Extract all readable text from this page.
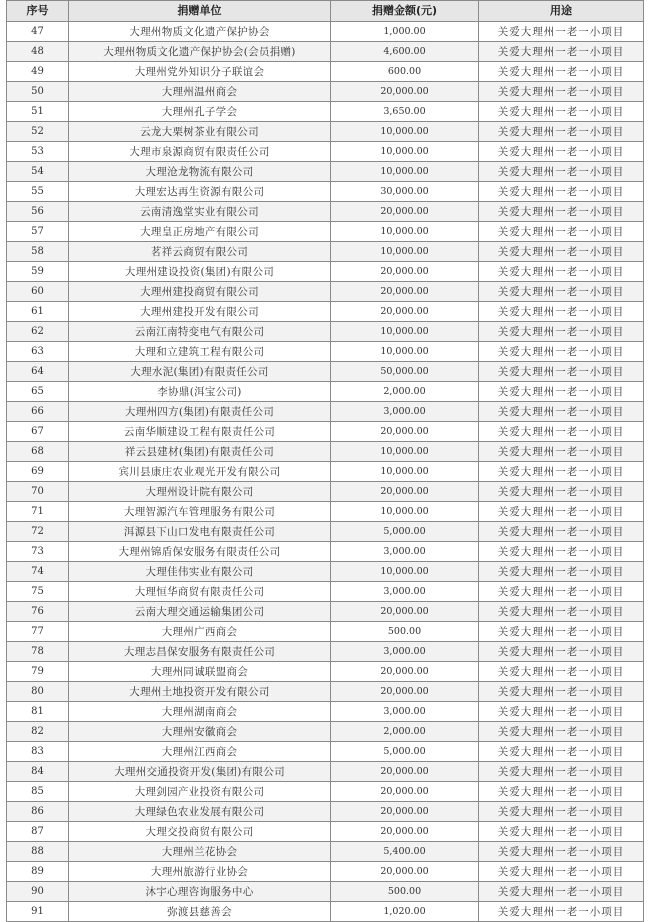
序号	捐赠单位	捐赠金额(元)	用途
47	大理州物质文化遗产保护协会	1,000.00	关爱大理州一老一小项目
48	大理州物质文化遗产保护协会(会员捐赠)	4,600.00	关爱大理州一老一小项目
49	大理州党外知识分子联谊会	600.00	关爱大理州一老一小项目
50	大理州温州商会	20,000.00	关爱大理州一老一小项目
51	大理州孔子学会	3,650.00	关爱大理州一老一小项目
52	云龙大栗树茶业有限公司	10,000.00	关爱大理州一老一小项目
53	大理市泉源商贸有限责任公司	10,000.00	关爱大理州一老一小项目
54	大理沧龙物流有限公司	10,000.00	关爱大理州一老一小项目
55	大理宏达再生资源有限公司	30,000.00	关爱大理州一老一小项目
56	云南清逸堂实业有限公司	20,000.00	关爱大理州一老一小项目
57	大理皇正房地产有限公司	10,000.00	关爱大理州一老一小项目
58	茗祥云商贸有限公司	10,000.00	关爱大理州一老一小项目
59	大理州建设投资(集团)有限公司	20,000.00	关爱大理州一老一小项目
60	大理州建投商贸有限公司	20,000.00	关爱大理州一老一小项目
61	大理州建投开发有限公司	20,000.00	关爱大理州一老一小项目
62	云南江南特变电气有限公司	10,000.00	关爱大理州一老一小项目
63	大理和立建筑工程有限公司	10,000.00	关爱大理州一老一小项目
64	大理水泥(集团)有限责任公司	50,000.00	关爱大理州一老一小项目
65	李协鼎(洱宝公司)	2,000.00	关爱大理州一老一小项目
66	大理州四方(集团)有限责任公司	3,000.00	关爱大理州一老一小项目
67	云南华顺建设工程有限责任公司	20,000.00	关爱大理州一老一小项目
68	祥云县建材(集团)有限责任公司	10,000.00	关爱大理州一老一小项目
69	宾川县康庄农业观光开发有限公司	10,000.00	关爱大理州一老一小项目
70	大理州设计院有限公司	20,000.00	关爱大理州一老一小项目
71	大理智源汽车管理服务有限公司	10,000.00	关爱大理州一老一小项目
72	洱源县下山口发电有限责任公司	5,000.00	关爱大理州一老一小项目
73	大理州锦盾保安服务有限责任公司	3,000.00	关爱大理州一老一小项目
74	大理佳伟实业有限公司	10,000.00	关爱大理州一老一小项目
75	大理恒华商贸有限责任公司	3,000.00	关爱大理州一老一小项目
76	云南大理交通运输集团公司	20,000.00	关爱大理州一老一小项目
77	大理州广西商会	500.00	关爱大理州一老一小项目
78	大理志昌保安服务有限责任公司	3,000.00	关爱大理州一老一小项目
79	大理州同诚联盟商会	20,000.00	关爱大理州一老一小项目
80	大理州土地投资开发有限公司	20,000.00	关爱大理州一老一小项目
81	大理州湖南商会	3,000.00	关爱大理州一老一小项目
82	大理州安徽商会	2,000.00	关爱大理州一老一小项目
83	大理州江西商会	5,000.00	关爱大理州一老一小项目
84	大理州交通投资开发(集团)有限公司	20,000.00	关爱大理州一老一小项目
85	大理剑园产业投资有限公司	20,000.00	关爱大理州一老一小项目
86	大理绿色农业发展有限公司	20,000.00	关爱大理州一老一小项目
87	大理交投商贸有限公司	20,000.00	关爱大理州一老一小项目
88	大理州兰花协会	5,400.00	关爱大理州一老一小项目
89	大理州旅游行业协会	20,000.00	关爱大理州一老一小项目
90	沐宇心理咨询服务中心	500.00	关爱大理州一老一小项目
91	弥渡县慈善会	1,020.00	关爱大理州一老一小项目
